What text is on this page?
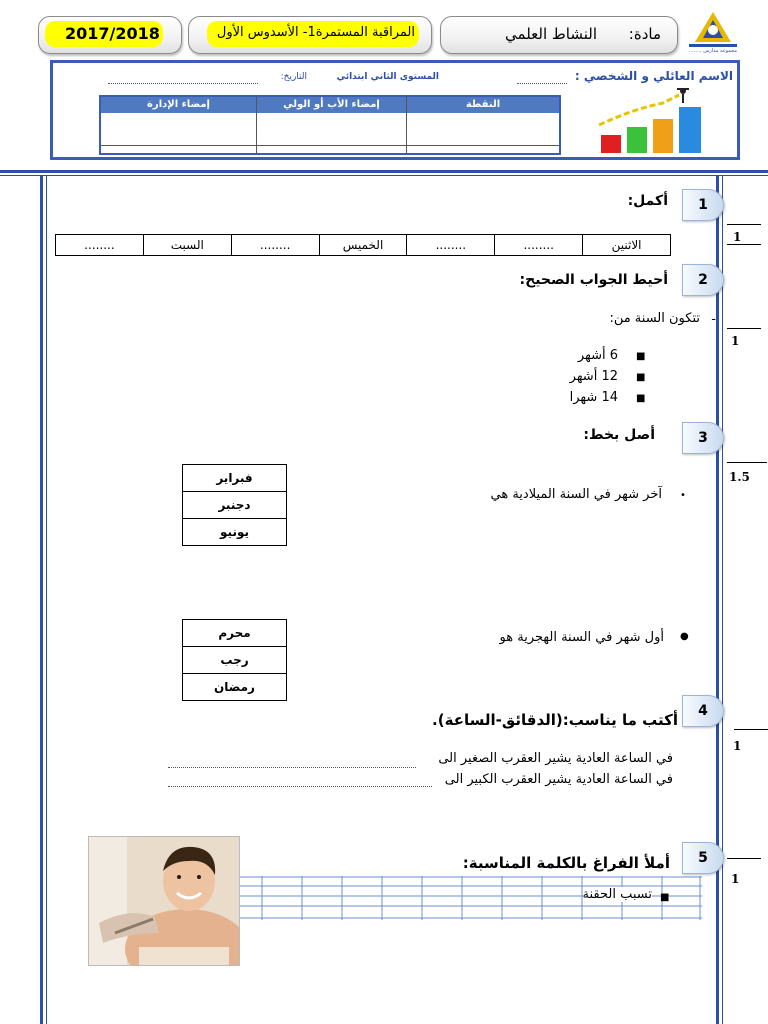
2017/2018	المراقبة المستمرة1- الأسدوس الأول	مادة:
النشاط العلمي
مجموعة مدارس ........
الاسم العائلي و الشخصي :
المستوى الثاني ابتدائي
التاريخ:
النقطة
إمضاء الأب أو الولي
إمضاء الإدارة
1
أكمل:
1
الاثنين
........
........
الخميس
........
السبت
........
2
أحيط الجواب الصحيح:
-
تتكون السنة من:
1
■
6 أشهر
■
12 أشهر
■
14 شهرا
3
أصل بخط:
1.5
•
آخر شهر في السنة الميلادية هي
فبراير
دجنبر
يونيو
●
أول شهر في السنة الهجرية هو
محرم
رجب
رمضان
4
أكتب ما يناسب:(الدقائق-الساعة).
1
في الساعة العادية يشير العقرب الصغير الى
في الساعة العادية يشير العقرب الكبير الى
5
أملأ الفراغ بالكلمة المناسبة:
1
■
تسبب الحقنة
